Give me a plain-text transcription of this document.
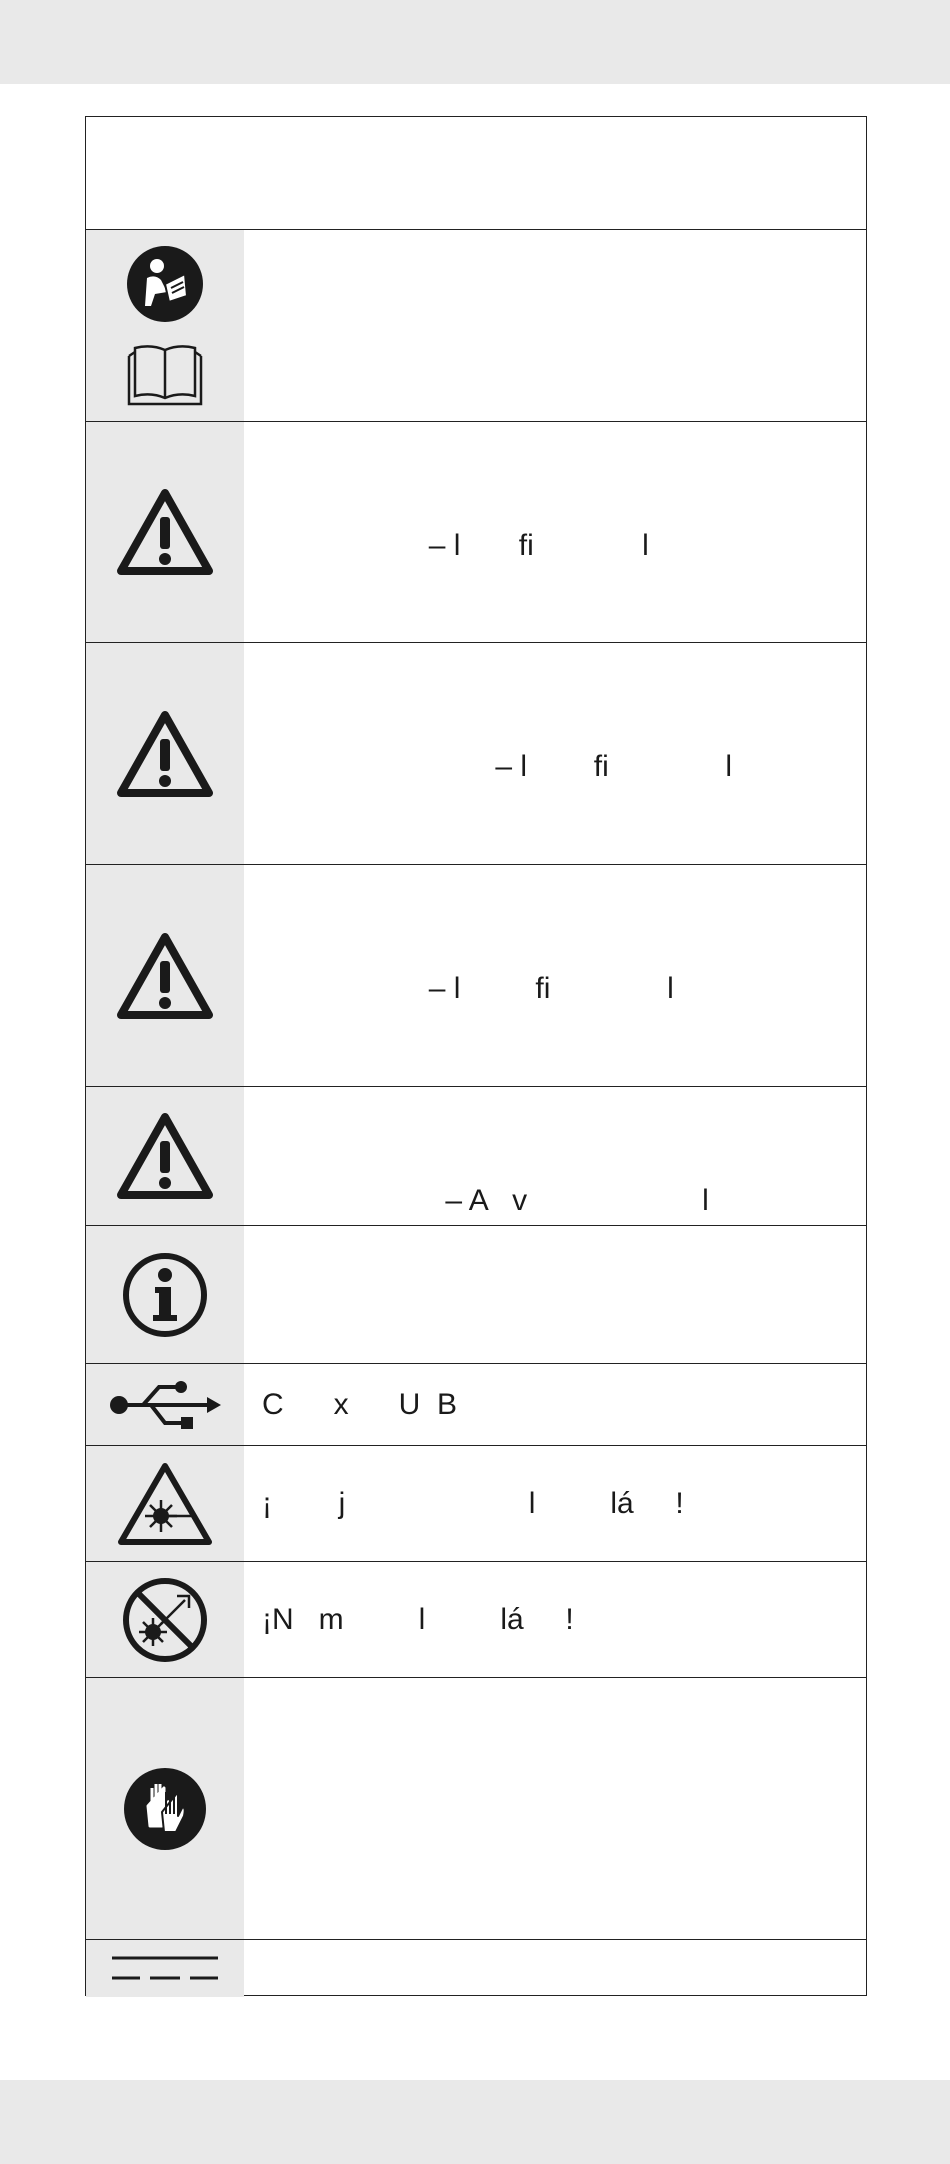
– l       fi             l

– l        fi              l

– l         fi              l

– A   v                     l

C      x      U  B
¡        j                      l         lá     !
¡N   m         l         lá     !
